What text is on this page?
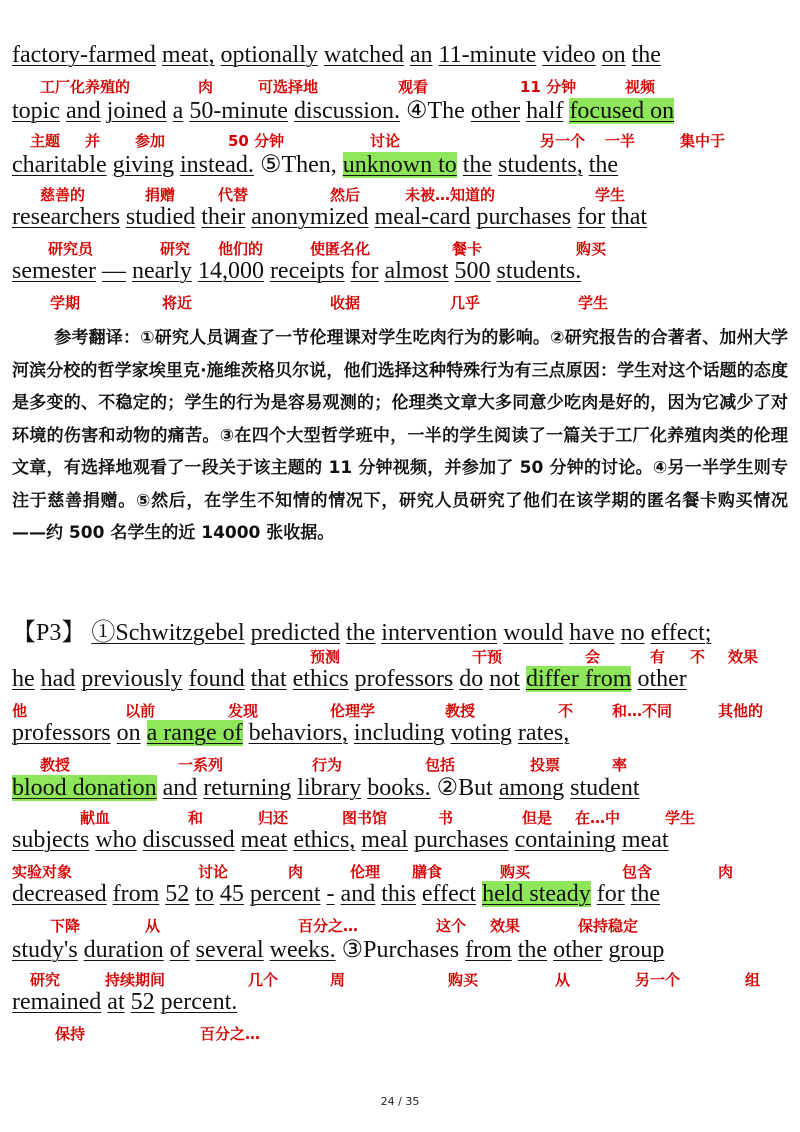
factory-farmed meat, optionally watched an 11-minute video on the
topic and joined a 50-minute discussion. ④The other half focused on
charitable giving instead. ⑤Then, unknown to the students, the
researchers studied their anonymized meal-card purchases for that
semester — nearly 14,000 receipts for almost 500 students.
【P3】 ①Schwitzgebel predicted the intervention would have no effect;
he had previously found that ethics professors do not differ from other
professors on a range of behaviors, including voting rates,
blood donation and returning library books. ②But among student
subjects who discussed meat ethics, meal purchases containing meat
decreased from 52 to 45 percent - and this effect held steady for the
study's duration of several weeks. ③Purchases from the other group
remained at 52 percent.
工厂化养殖的	肉	可选择地	观看	11 分钟	视频
主题 并 参加	50 分钟	讨论	另一个 一半	集中于
慈善的	捐赠	代替	然后	未被…知道的	学生
研究员	研究 他们的	使匿名化	餐卡	购买
学期	将近	收据	几乎	学生
预测	干预	会	有 不 效果
他	以前	发现	伦理学	教授	不	和…不同	其他的
教授	一系列	行为	包括	投票	率
献血	和	归还	图书馆	书	但是 在…中	学生
实验对象	讨论	肉	伦理 膳食	购买	包含	肉
下降	从	百分之…	这个 效果	保持稳定
研究	持续期间	几个	周	购买	从	另一个	组
保持	百分之…
参考翻译：①研究人员调查了一节伦理课对学生吃肉行为的影响。②研究报告的合著者、加州大学河滨分校的哲学家埃里克·施维茨格贝尔说，他们选择这种特殊行为有三点原因：学生对这个话题的态度是多变的、不稳定的；学生的行为是容易观测的；伦理类文章大多同意少吃肉是好的，因为它减少了对环境的伤害和动物的痛苦。③在四个大型哲学班中，一半的学生阅读了一篇关于工厂化养殖肉类的伦理文章，有选择地观看了一段关于该主题的 11 分钟视频，并参加了 50 分钟的讨论。④另一半学生则专注于慈善捐赠。⑤然后，在学生不知情的情况下，研究人员研究了他们在该学期的匿名餐卡购买情况——约 500 名学生的近 14000 张收据。
24 / 35
